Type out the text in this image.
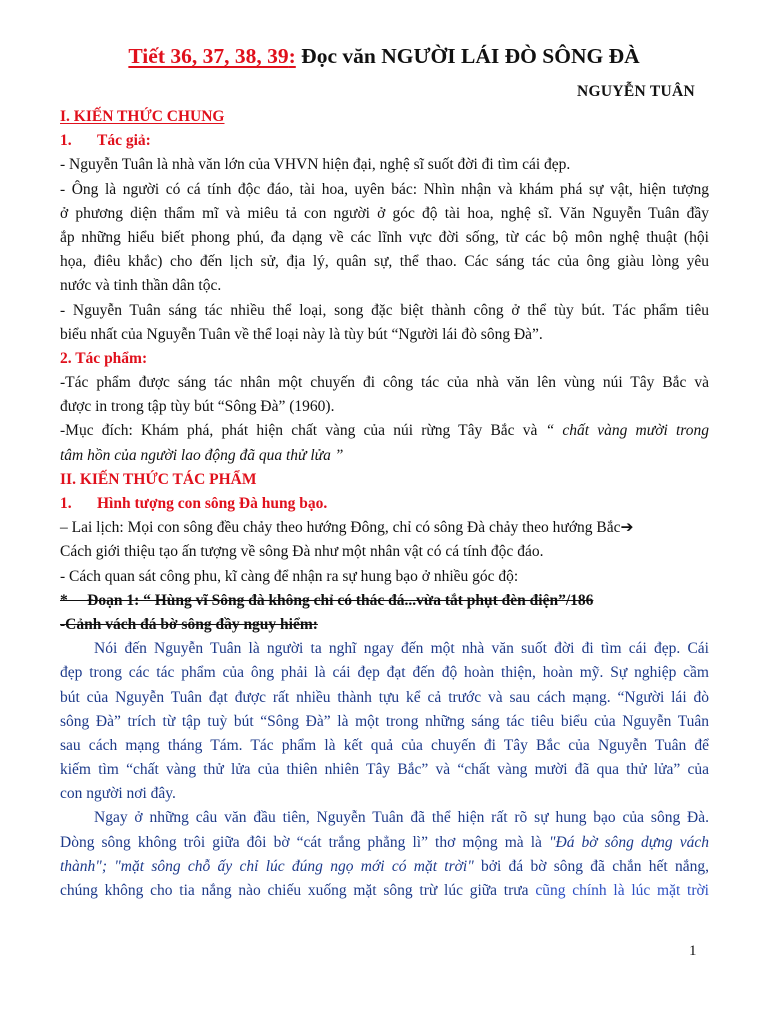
Tiết 36, 37, 38, 39: Đọc văn NGƯỜI LÁI ĐÒ SÔNG ĐÀ
NGUYỄN TUÂN
I. KIẾN THỨC CHUNG
1. Tác giả:
- Nguyễn Tuân là nhà văn lớn của VHVN hiện đại, nghệ sĩ suốt đời đi tìm cái đẹp.
- Ông là người có cá tính độc đáo, tài hoa, uyên bác: Nhìn nhận và khám phá sự vật, hiện tượng
ở phương diện thẩm mĩ và miêu tả con người ở góc độ tài hoa, nghệ sĩ. Văn Nguyễn Tuân đầy
ắp những hiểu biết phong phú, đa dạng về các lĩnh vực đời sống, từ các bộ môn nghệ thuật (hội
họa, điêu khắc) cho đến lịch sử, địa lý, quân sự, thể thao. Các sáng tác của ông giàu lòng yêu
nước và tinh thần dân tộc.
- Nguyễn Tuân sáng tác nhiều thể loại, song đặc biệt thành công ở thể tùy bút. Tác phẩm tiêu
biểu nhất của Nguyễn Tuân về thể loại này là tùy bút “Người lái đò sông Đà”.
2. Tác phẩm:
-Tác phẩm được sáng tác nhân một chuyến đi công tác của nhà văn lên vùng núi Tây Bắc và
được in trong tập tùy bút “Sông Đà” (1960).
-Mục đích: Khám phá, phát hiện chất vàng của núi rừng Tây Bắc và “ chất vàng mười trong
tâm hồn của người lao động đã qua thử lửa ”
II. KIẾN THỨC TÁC PHẨM
1. Hình tượng con sông Đà hung bạo.
– Lai lịch: Mọi con sông đều chảy theo hướng Đông, chỉ có sông Đà chảy theo hướng Bắc➔
Cách giới thiệu tạo ấn tượng về sông Đà như một nhân vật có cá tính độc đáo.
- Cách quan sát công phu, kĩ càng để nhận ra sự hung bạo ở nhiều góc độ:
*     Đoạn 1: “ Hùng vĩ Sông đà không chỉ có thác đá...vừa tắt phụt đèn điện”/186
-Cảnh vách đá bờ sông đầy nguy hiểm:
Nói đến Nguyễn Tuân là người ta nghĩ ngay đến một nhà văn suốt đời đi tìm cái đẹp. Cái
đẹp trong các tác phẩm của ông phải là cái đẹp đạt đến độ hoàn thiện, hoàn mỹ. Sự nghiệp cầm
bút của Nguyễn Tuân đạt được rất nhiều thành tựu kể cả trước và sau cách mạng. “Người lái đò
sông Đà” trích từ tập tuỳ bút “Sông Đà” là một trong những sáng tác tiêu biểu của Nguyễn Tuân
sau cách mạng tháng Tám. Tác phẩm là kết quả của chuyến đi Tây Bắc của Nguyễn Tuân để
kiếm tìm “chất vàng thử lửa của thiên nhiên Tây Bắc” và “chất vàng mười đã qua thử lửa” của
con người nơi đây.
Ngay ở những câu văn đầu tiên, Nguyễn Tuân đã thể hiện rất rõ sự hung bạo của sông Đà.
Dòng sông không trôi giữa đôi bờ “cát trắng phẳng lì” thơ mộng mà là "Đá bờ sông dựng vách
thành"; "mặt sông chỗ ấy chỉ lúc đúng ngọ mới có mặt trời" bởi đá bờ sông đã chắn hết nắng,
chúng không cho tia nắng nào chiếu xuống mặt sông trừ lúc giữa trưa cũng chính là lúc mặt trời
1
